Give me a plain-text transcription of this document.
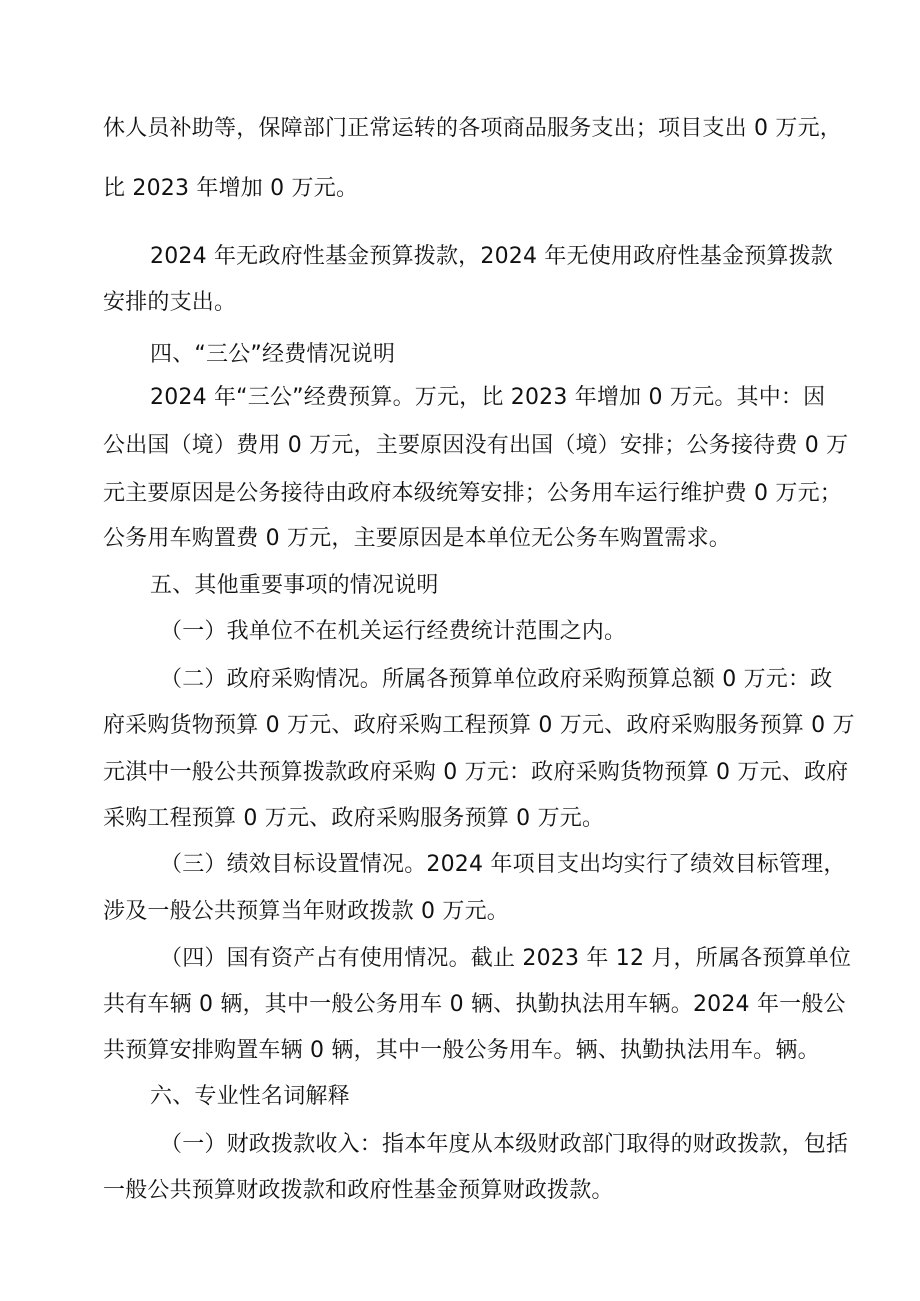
休人员补助等，保障部门正常运转的各项商品服务支出；项目支出 0 万元，
比 2023 年增加 0 万元。
2024 年无政府性基金预算拨款，2024 年无使用政府性基金预算拨款
安排的支出。
四、“三公”经费情况说明
2024 年“三公”经费预算。万元，比 2023 年增加 0 万元。其中：因
公出国（境）费用 0 万元，主要原因没有出国（境）安排；公务接待费 0 万
元主要原因是公务接待由政府本级统筹安排；公务用车运行维护费 0 万元；
公务用车购置费 0 万元，主要原因是本单位无公务车购置需求。
五、其他重要事项的情况说明
（一）我单位不在机关运行经费统计范围之内。
（二）政府采购情况。所属各预算单位政府采购预算总额 0 万元：政
府采购货物预算 0 万元、政府采购工程预算 0 万元、政府采购服务预算 0 万
元淇中一般公共预算拨款政府采购 0 万元：政府采购货物预算 0 万元、政府
采购工程预算 0 万元、政府采购服务预算 0 万元。
（三）绩效目标设置情况。2024 年项目支出均实行了绩效目标管理，
涉及一般公共预算当年财政拨款 0 万元。
（四）国有资产占有使用情况。截止 2023 年 12 月，所属各预算单位
共有车辆 0 辆，其中一般公务用车 0 辆、执勤执法用车辆。2024 年一般公
共预算安排购置车辆 0 辆，其中一般公务用车。辆、执勤执法用车。辆。
六、专业性名词解释
（一）财政拨款收入：指本年度从本级财政部门取得的财政拨款，包括
一般公共预算财政拨款和政府性基金预算财政拨款。
